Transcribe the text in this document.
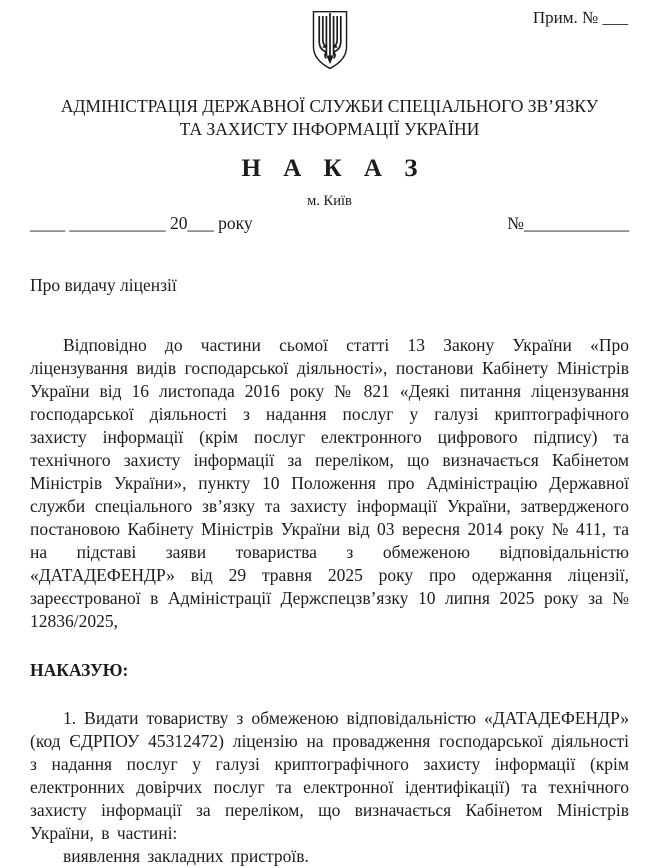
Прим. № ___
АДМІНІСТРАЦІЯ ДЕРЖАВНОЇ СЛУЖБИ СПЕЦІАЛЬНОГО ЗВ’ЯЗКУ
ТА ЗАХИСТУ ІНФОРМАЦІЇ УКРАЇНИ
Н А К А З
м. Київ
____ ___________ 20___ року	№____________
Про видачу ліцензії

Відповідно до частини сьомої статті 13 Закону України «Про ліцензування видів господарської діяльності», постанови Кабінету Міністрів України від 16 листопада 2016 року № 821 «Деякі питання ліцензування господарської діяльності з надання послуг у галузі криптографічного захисту інформації (крім послуг електронного цифрового підпису) та технічного захисту інформації за переліком, що визначається Кабінетом Міністрів України», пункту 10 Положення про Адміністрацію Державної служби спеціального зв’язку та захисту інформації України, затвердженого постановою Кабінету Міністрів України від 03 вересня 2014 року № 411, та на підставі заяви товариства з обмеженою відповідальністю «ДАТАДЕФЕНДР» від 29 травня 2025 року про одержання ліцензії, зареєстрованої в Адміністрації Держспецзв’язку 10 липня 2025 року за № 12836/2025,

НАКАЗУЮ:

1. Видати товариству з обмеженою відповідальністю «ДАТАДЕФЕНДР» (код ЄДРПОУ 45312472) ліцензію на провадження господарської діяльності з надання послуг у галузі криптографічного захисту інформації (крім електронних довірчих послуг та електронної ідентифікації) та технічного захисту інформації за переліком, що визначається Кабінетом Міністрів України, в частині:

виявлення закладних пристроїв.
